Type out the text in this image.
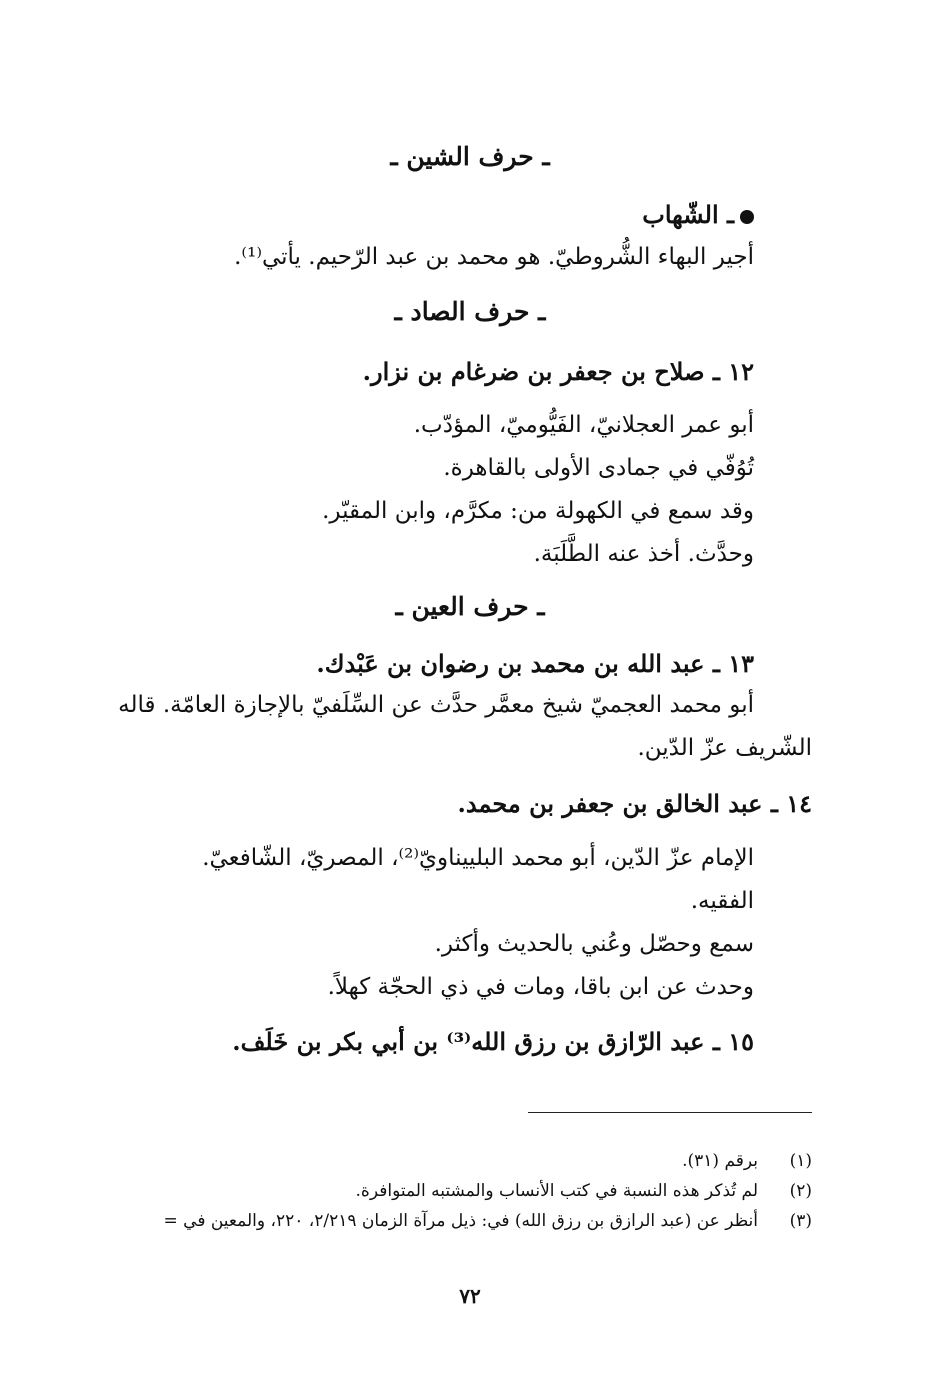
ـ حرف الشين ـ

ـ الشّهاب

أجير البهاء الشُّروطيّ. هو محمد بن عبد الرّحيم. يأتي⁽¹⁾.

ـ حرف الصاد ـ

١٢ ـ صلاح بن جعفر بن ضرغام بن نزار.

أبو عمر العجلانيّ، الفَيُّوميّ، المؤدّب.

تُوُفّي في جمادى الأولى بالقاهرة.

وقد سمع في الكهولة من: مكرَّم، وابن المقيّر.

وحدَّث. أخذ عنه الطَّلَبَة.

ـ حرف العين ـ

١٣ ـ عبد الله بن محمد بن رضوان بن عَبْدك.

أبو محمد العجميّ شيخ معمَّر حدَّث عن السِّلَفيّ بالإجازة العامّة. قاله

الشّريف عزّ الدّين.

١٤ ـ عبد الخالق بن جعفر بن محمد.

الإمام عزّ الدّين، أبو محمد البلييناويّ⁽²⁾، المصريّ، الشّافعيّ.

الفقيه.

سمع وحصّل وعُني بالحديث وأكثر.

وحدث عن ابن باقا، ومات في ذي الحجّة كهلاً.

١٥ ـ عبد الرّازق بن رزق الله⁽³⁾ بن أبي بكر بن خَلَف.

(١)برقم (٣١).
(٢)لم تُذكر هذه النسبة في كتب الأنساب والمشتبه المتوافرة.
(٣)أنظر عن (عبد الرازق بن رزق الله) في: ذيل مرآة الزمان ٢/٢١٩، ٢٢٠، والمعين في =
٧٢
